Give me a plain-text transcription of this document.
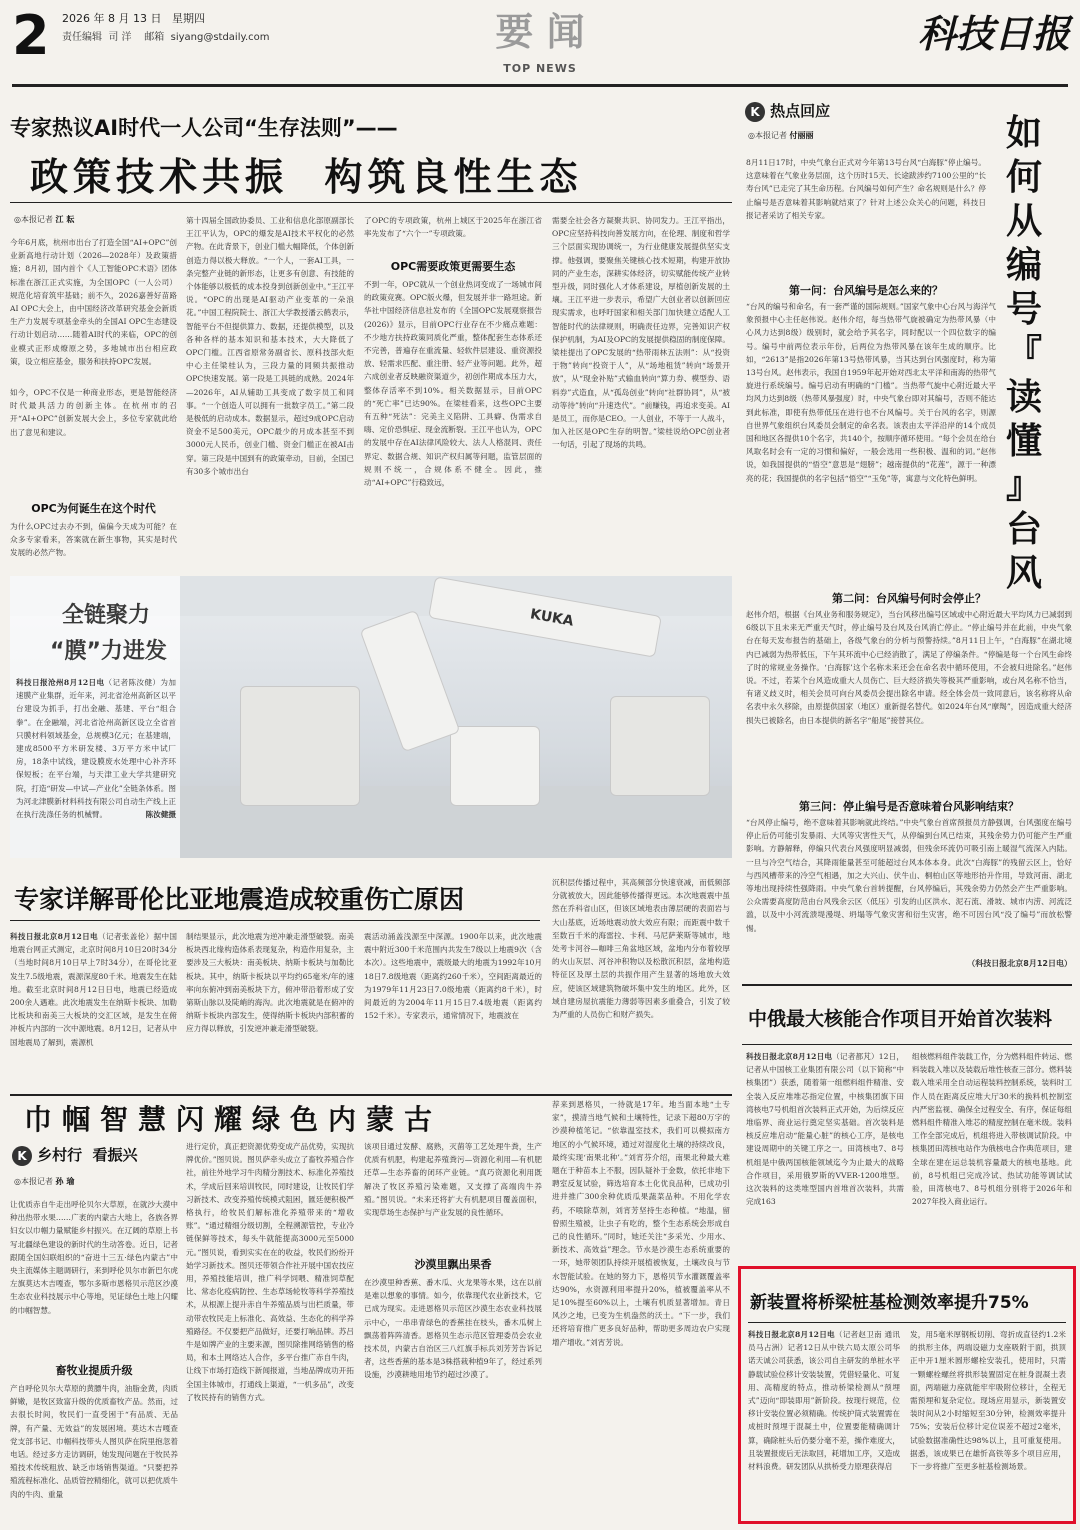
2 2026 年 8 月 13 日   星期四
责任编辑  司 洋    邮箱  siyang@stdaily.com	要 闻
TOP NEWS
科技日报
专家热议AI时代一人公司“生存法则”——
政策技术共振  构筑良性生态
◎本报记者 江 耘
今年6月底，杭州市出台了打造全国“AI+OPC”创业新高地行动计划（2026—2028年）及政策措施；8月初，国内首个《人工智能OPC术语》团体标准在浙江正式实施，为全国OPC（一人公司）规范化培育筑牢基础；前不久，2026嘉善好苗路AI OPC大会上，由中国经济改革研究基金会新质生产力发展专项基金牵头的全国AI OPC生态建设行动计划启动……随着AI时代的来临，OPC的创业模式正形成燎原之势，多地城市出台相应政策，设立相应基金，服务和扶持OPC发展。
如今，OPC不仅是一种商业形态，更是智能经济时代最具活力的创新主体。在杭州市的召开“AI+OPC”创新发展大会上，多位专家就此给出了意见和建议。
OPC为何诞生在这个时代
为什么OPC过去办不到，偏偏今天成为可能？在众多专家看来，答案就在新生事物，其实是时代发展的必然产物。
第十四届全国政协委员、工业和信息化部原副部长王江平认为，OPC的爆发是AI技术平权化的必然产物。在此背景下，创业门槛大幅降低，个体创新创造力得以极大释放。“一个人，一套AI工具，一条完整产业链的新形态，让更多有创意、有技能的个体能够以极低的成本投身到创新创业中。”王江平说。“OPC的出现是AI驱动产业变革的一朵浪花。”中国工程院院士、浙江大学教授潘云鹤表示，智能平台不但提供算力、数据，还提供模型，以及各种各样的基本知识和基本技术，大大降低了OPC门槛。江西省原常务副省长、原科技部火炬中心主任梁桂认为，三段力量的同频共振推动OPC快速发展。第一段是工具链的成熟。2024年—2026年，AI从辅助工具变成了数字员工和同事。“一个创造人可以拥有一批数字员工。”第二段是极低的启动成本。数据显示，超过9成OPC启动资金不足500美元，OPC最少的月成本甚至不到3000元人民币，创业门槛、资金门槛正在被AI击穿。第三段是中国到有的政策牵动，目前，全国已有30多个城市出台
了OPC的专项政策，杭州上城区于2025年在浙江省率先发布了“六个一”专项政策。
OPC需要政策更需要生态
不到一年，OPC就从一个创业热词变成了一场城市间的政策竞赛。OPC版火爆，但发展并非一路坦途。新华社中国经济信息社发布的《全国OPC发展观察报告(2026)》显示，目前OPC行业存在不少痛点难题：不少地方扶持政策同质化严重，整体配套生态体系还不完善，普遍存在重流量、轻软件层建设、重资源投放、轻需求匹配、重注册、轻产业等问题。此外，超六成创业者反映融资渠道少，初创作期成本压力大，整体存活率不到10%。相关数据显示，目前OPC的“死亡率”已达90%。在梁桂看来，这些OPC主要有五种“死法”：完美主义陷阱、工具癖、伪需求自嗨、定价恐惧症、现金流断裂。王江平也认为，OPC的发展中存在AI法律风险较大、法人人格混同、责任界定、数据合规、知识产权归属等问题，监管层面的规则不统一，合规体系不健全。因此，推动“AI+OPC”行稳致远，
需要全社会各方凝聚共识、协同发力。王江平指出，OPC应坚持科技向善发展方向，在伦理、制度和哲学三个层面实现协调统一，为行业健康发展提供坚实支撑。他强调，要聚焦关键核心技术短期，构建开放协同的产业生态，深耕实体经济，切实赋能传统产业转型升级，同时强化人才体系建设，厚植创新发展的土壤。王江平进一步表示，希望广大创业者以创新回应现实需求，也呼吁国家和相关部门加快建立适配人工智能时代的法律规则，明确责任边界，完善知识产权保护机制，为AI及OPC的发展提供稳固的制度保障。梁桂提出了OPC发展的“热带雨林五法则”：从“投资于物”转向“投资于人”，从“场地租赁”转向“场景开放”，从“现金补贴”式输血转向“算力券、模型券、语料券”式造血，从“孤岛创业”转向“社群协同”，从“被动等待”转向“升速迭代”。“前赚钱，再追求变美。AI是员工，而你是CEO。一人创业，不等于一人战斗，加入社区是OPC生存的明智。”梁桂说给OPC创业者一句话，引起了现场的共鸣。
KUKA
全链聚力
“膜”力进发
科技日报沧州8月12日电（记者陈汝健）为加速膜产业集群，近年来，河北省沧州高新区以平台建设为抓手，打出金融、基建、平台“组合拳”。在金融端，河北省沧州高新区设立全省首只膜材料领域基金，总规模3亿元；在基建端，建成8500平方米研发楼、3万平方米中试厂房，18条中试线，建设膜废水处理中心补齐环保短板；在平台端，与天津工业大学共建研究院，打造“研发—中试—产业化”全链条体系。图为河北津膜新材料科技有限公司自动生产线上正在执行洗涤任务的机械臂。	陈汝健摄
专家详解哥伦比亚地震造成较重伤亡原因
科技日报北京8月12日电（记者张盖伦）据中国地震台网正式测定，北京时间8月10日20时34分（当地时间8月10日早上7时34分），在哥伦比亚发生7.5级地震，震源深度80千米。地震发生在陆地。截至北京时间8月12日日电，地震已经造成200余人遇难。此次地震发生在纳斯卡板块、加勒比板块和南美三大板块的交汇区域，是发生在俯冲板片内部的一次中源地震。8月12日，记者从中国地震局了解到，震源机
制结果显示，此次地震为逆冲兼走滑型破裂。南美板块西北缘构造体系表现复杂，构造作用复杂，主要涉及三大板块：南美板块、纳斯卡板块与加勒比板块。其中，纳斯卡板块以平均约65毫米/年的速率向东俯冲到南美板块下方，俯冲带沿着形成了安第斯山脉以及陡峭的海沟。此次地震就是在俯冲的纳斯卡板块内部发生，使得纳斯卡板块内部积蓄的应力得以释放，引发逆冲兼走滑型破裂。
震活动涌盖浅源至中深源。1900年以来，此次地震震中附近300千米范围内共发生7级以上地震9次（含本次）。这些地震中，震级最大的地震为1992年10月18日7.8级地震（距离约260千米），空间距离最近的为1979年11月23日7.0级地震（距离约8千米），时间最近的为2004年11月15日7.4级地震（距离约152千米）。专家表示，通常情况下，地震波在
沉积层传播过程中，其高频部分快速衰减，而低频部分就被放大，因此能够传播得更远。本次地震震中虽然在乔科省山区，但该区域地表由薄层硬的表面岩与大山基底，近场地震动放大效应有限；而距震中数千至数百千米的海雷拉、卡利、马尼萨莱斯等城市，地处考卡河谷—咖啡三角盆地区域，盆地内分布着较厚的火山灰层、河谷冲积物以及松散沉积层，盆地构造特征区及厚土层的共振作用产生显著的场地放大效应，使该区域建筑物破坏集中发生的地区。此外，区域自建房屋抗震能力薄弱等因素多重叠合，引发了较为严重的人员伤亡和财产损失。
巾帼智慧闪耀绿色内蒙古
K 乡村行  看振兴
◎本报记者 孙 瑜
让优质赤自牛走出呼伦贝尔大草原，在就沙大漠中种出热带水果……广袤的内蒙古大地上，各族各界妇女以巾帼力量赋能乡村振兴。在辽阔的草原上书写北疆绿色建设的新时代的生动答卷。近日，记者跟随全国妇联组织的“奋进十三五·绿色内蒙古”中央主流媒体主题调研行，来到呼伦贝尔市新巴尔虎左旗莫达木吉嘎查，鄂尔多斯市恩格贝示范区沙漠生态农业科技展示中心等地，见证绿色土地上闪耀的巾帼智慧。
畜牧业提质升级
产自呼伦贝尔大草原的黄膘牛肉，油脂金黄，肉质鲜嫩，是牧区致富升级的优质畜牧产品。然而，过去很长时间，牧民们一直受困于“有品质、无品牌，有产量、无效益”的发展困境。莫达木吉嘎查党支部书记、巾帼科技带头人图贝萨在院里抱忽着电话。经过多方走访调研，她发现问题在于牧民养殖技术传统粗放、缺乏市场销售渠道。“只要把养殖流程标准化、品质管控精细化，就可以把优质牛肉的牛肉、重量
进行定价，真正把资源优势变成产品优势，实现抗牌优价。”图贝说。图贝萨牵头成立了畜牧养殖合作社，前往外地学习牛肉精分割技术、标准化养殖技术，学成后回来培训牧民，同时建设，让牧民们学习新技术、改变养殖传统模式阻困，匯廷便积极严格执行，给牧民们解标准化养殖带来的“增收账”。“通过精细分级切割，全程溯源管控，专业冷链保鲜等技术，每头牛就能提高3000元至5000元。”图贝说，看到实实在在的收益，牧民们纷纷开始学习新技术。图贝还带领合作社开展中国农技应用，养殖技能培训，推广科学饲喂、精准饲草配比、常态化疫病防控、生态草场轮牧等科学养殖技术，从根源上提升赤自牛养殖品质与出栏质量，带动带农牧民走上标准化、高效益、生态化的科学养殖路径。不仅要把产品做好，还要打响品牌。苏吕牛是如牌产业的主要来源，图贝除推网络销售的格局，和本土网络达人合作，多平台推广赤自牛肉，让线下市场打造线下新闻报道，当地品牌成功开拓全国主体城市，打通线上渠道，“一机多品”，改变了牧民持有的销售方式。
该项目通过发酵、腐熟，灭菌等工艺处理牛粪，生产优质有机肥，构建起养殖粪污—资源化利用—有机肥还草—生态养畜的闭环产业链。“真巧资源化利用既解决了牧区养殖污染难题，又支撑了高端肉牛养殖。”图贝说。“未来还将扩大有机肥项目覆盖面积，实现草场生态保护与产业发展的良性循环。
沙漠里飘出果香
在沙漠里种香蕉、番木瓜、火龙果等水果，这在以前是难以想象的事情。如今，依靠现代农业新技术，它已成为现实。走进恩格贝示范区沙漠生态农业科技展示中心，一串串青绿色的香蕉挂在枝头，番木瓜树上飘荡着阵阵清香。恩格贝生态示范区管理委员会农业技术员，内蒙古自治区三八红旗手标兵刘芳芳告诉记者，这些香蕉的基本是3株搭栽种植9年了，经过系列设施，沙漠耕地用地节约超过沙漠了。
荐来到恩格贝，一待就是17年。地当面本地“土专家”，摸清当地气候和土壤特性，记录下超80万字的沙漠种植笔记。“依靠温室技术，我们可以模拟南方地区的小气候环境，通过对湿度化土壤的持续改良，最终实现‘南果北种’。”刘宵芬介绍，南果北种最大难题在于种苗本上不服，因队疑补于金数，依托非地下聘室反复试验，筛选培育本土化优良品种，已成功引进并推广300余种优质瓜果蔬菜品种。不用化学农药，不喷除草剂，刘宵芳坚持生态种植。“地温，留曾照生殖被，让虫子有吃的，整个生态系统会形成自己的良性循环。”同时，她还关注“多采光、少用水、新技术、高效益”理念。节水是沙漠生态系统重要的一环，她带领团队持续开展植被恢复，土壤改良与节水智能试验。在她的努力下，恩格贝节水灌溉覆盖率达90%，水资源利用率提升20%，植被覆盖率从不足10%提至60%以上，土壤有机质显著增加。青日风沙之地，已变为生机盎然的沃土。“下一步，我们还将培育推广更多良好品种，帮助更多周边农户实现增产增收。”刘宵芳说。
K 热点回应
◎本报记者 付丽丽	如
何
从
编
号
『
读
懂
』
台
风
8月11日17时，中央气象台正式对今年第13号台风“白海豚”停止编号。这意味着在气象业务层面，这个历时15天、长途跋涉约7100公里的“长寿台风”已走完了其生命历程。台风编号如何产生？命名规则是什么？停止编号是否意味着其影响就结束了？针对上述公众关心的问题，科技日报记者采访了相关专家。
第一问：台风编号是怎么来的？
“台风的编号和命名，有一套严谨的国际规则。”国家气象中心台风与海洋气象预报中心主任赵伟说。赵伟介绍，每当热带气旋被确定为热带风暴（中心风力达到8级）级别时，就会给予其名字，同时配以一个四位数字的编号。编号中前两位表示年份，后两位为热带风暴在该年生成的顺序。比如，“2613”是指2026年第13号热带风暴，当其达到台风强度时，称为第13号台风。赵伟表示，我国自1959年起开始对西北太平洋和南海的热带气旋进行系统编号。编号启动有明确的“门槛”。当热带气旋中心附近最大平均风力达到8级（热带风暴强度）时，中央气象台即对其编号，否则不能达到此标准，即使有热带低压在进行也不台风编号。关于台风的名字，则源自世界气象组织台风委员会制定的命名表。该表由太平洋沿岸的14个成员国和地区各提供10个名字，共140个，按顺序循环使用。“每个会员在给台风取名时会有一定的习惯和偏好，一般会选用一些积极、温和的词。”赵伟说，如我国提供的“悟空”意思是“翅膀”；越南提供的“花莲”，源于一种漂亮的花；我国提供的名字包括“悟空”“玉兔”等，寓意与文化特色鲜明。
第二问：台风编号何时会停止？
赵伟介绍，根据《台风业务和服务规定》，当台风移出编号区域或中心附近最大平均风力已减弱到6级以下且未来无严重天气时，停止编号及台风及台风消亡停止。“停止编号并在此前，中央气象台在每天发布报告的基础上，各级气象台的分析与预警持续。”8月11日上午，“白海豚”在湖北境内已减弱为热带低压，下午其环流中心已经消散了，满足了停编条件。“停编是每一个台风生命终了时的常规业务操作。‘白海豚’这个名称未来还会在命名表中循环使用，不会被归进除名。”赵伟说。不过，若某个台风造成重大人员伤亡、巨大经济损失等极其严重影响，或台风名称不恰当，有诸义歧义时，相关会员可向台风委员会提出除名申请。经全体会员一致同意后，该名称将从命名表中永久移除，由原提供国家（地区）重新提名替代。如2024年台风“摩羯”，因造成重大经济损失已被除名，由日本提供的新名字“船尾”接替其位。
第三问：停止编号是否意味着台风影响结束？
“台风停止编号，绝不意味着其影响就此终结。”中央气象台首席预报员方静强调，台风强度在编号停止后仍可能引发暴雨、大风等灾害性天气，从停编到台风已结束，其残余势力仍可能产生严重影响。方静解释，停编只代表台风强度明显减弱，但残余环流仍可吸引南上暖湿气流深入内陆。一旦与冷空气结合，其降雨能量甚至可能超过台风本体本身。此次“白海豚”的残留云区上，恰好与西风槽带来的冷空气相遇，加之大兴山、伏牛山、桐柏山区等地形抬升作用，导致河南、湖北等地出现持续性强降雨。中央气象台首转提醒，台风停编后，其残余势力仍然会产生严重影响。公众需要高度防范由台风残余云区（低压）引发的山区洪水、泥石流、滑坡、城市内涝、河流泛滥，以及中小河流溃堤漫堤、坍塌等气象灾害和衍生灾害，绝不可因台风“没了编号”而放松警惕。
（科技日报北京8月12日电）
中俄最大核能合作项目开始首次装料
科技日报北京8月12日电（记者都芃）12日，记者从中国核工业集团有限公司（以下简称“中核集团”）获悉，随着第一组燃料组件精准、安全装入反应堆堆芯指定位置，中核集团旗下田湾核电7号机组首次装料正式开始，为后续反应堆临界、商业运行奠定坚实基础。首次装料是核反应堆启动“能量心脏”的核心工序，是核电建设周期中的关键工序之一。田湾核电7、8号机组是中俄两国核能领域迄今为止最大的战略合作项目，采用俄罗斯的VVER-1200堆型。这次装料的这类堆型国内首堆首次装料，共需完成163
组核燃料组件装载工作，分为燃料组件转运、燃料装载入堆以及装载后堆性核查三部分。燃料装载入堆采用全自动运程装料控制系统，装料时工作人员在距离反应堆大厅30米的换料机控制室内严密监视、确保全过程安全、有序，保证每组燃料组件精准入堆芯的精度控制在毫米级。装料工作全部完成后，机组将进入带核调试阶段。中核集团田湾核电站作为俄核电合作典范项目，建全球在建在运总装机容量最大的核电基地。此前，8号机组已完成冷试、热试功能等调试试验，田湾核电7、8号机组分别将于2026年和2027年投入商业运行。
新装置将桥梁桩基检测效率提升75%
科技日报北京8月12日电（记者赵卫南 通讯员马占洲）记者12日从中铁六局太原公司华诺天诚公司获悉，该公司自主研发的单桩水平静载试验位移计安装装置，凭借轻量化、可复用、高精度的特点，推动桥梁检测从“预埋式”迈向“即装即用”新阶段。按现行规范，位移计安装位置必须精确。传统护筒式装置需在成桩时预埋于混凝土中，位置要能精确调计算，确除桩头后仍要分毫不差，操作难度大，且装置报废后无法取回，耗增加工序，又造成材料浪费。研发团队从拱桥受力原理获得启
发，用5毫米厚钢板切削、弯折成直径约1.2米的拱形主体，两端设磁力支座吸附于面，拱顶正中开1厘米圆形螺栓安装孔，使用时，只需一颗螺栓螺丝将拱形装置固定在桩身混凝土表面，两端磁力座就能牢牢吸附位移计，全程无需预埋和复杂定位。现场应用显示，新装置安装时间从2小时缩短至30分钟，检测效率提升75%；安装后位移计定位误差不超过2毫米，试验数据准确性达98%以上，且可重复使用。据悉，该成果已在雄忻高铁等多个项目应用，下一步将推广至更多桩基检测场景。
